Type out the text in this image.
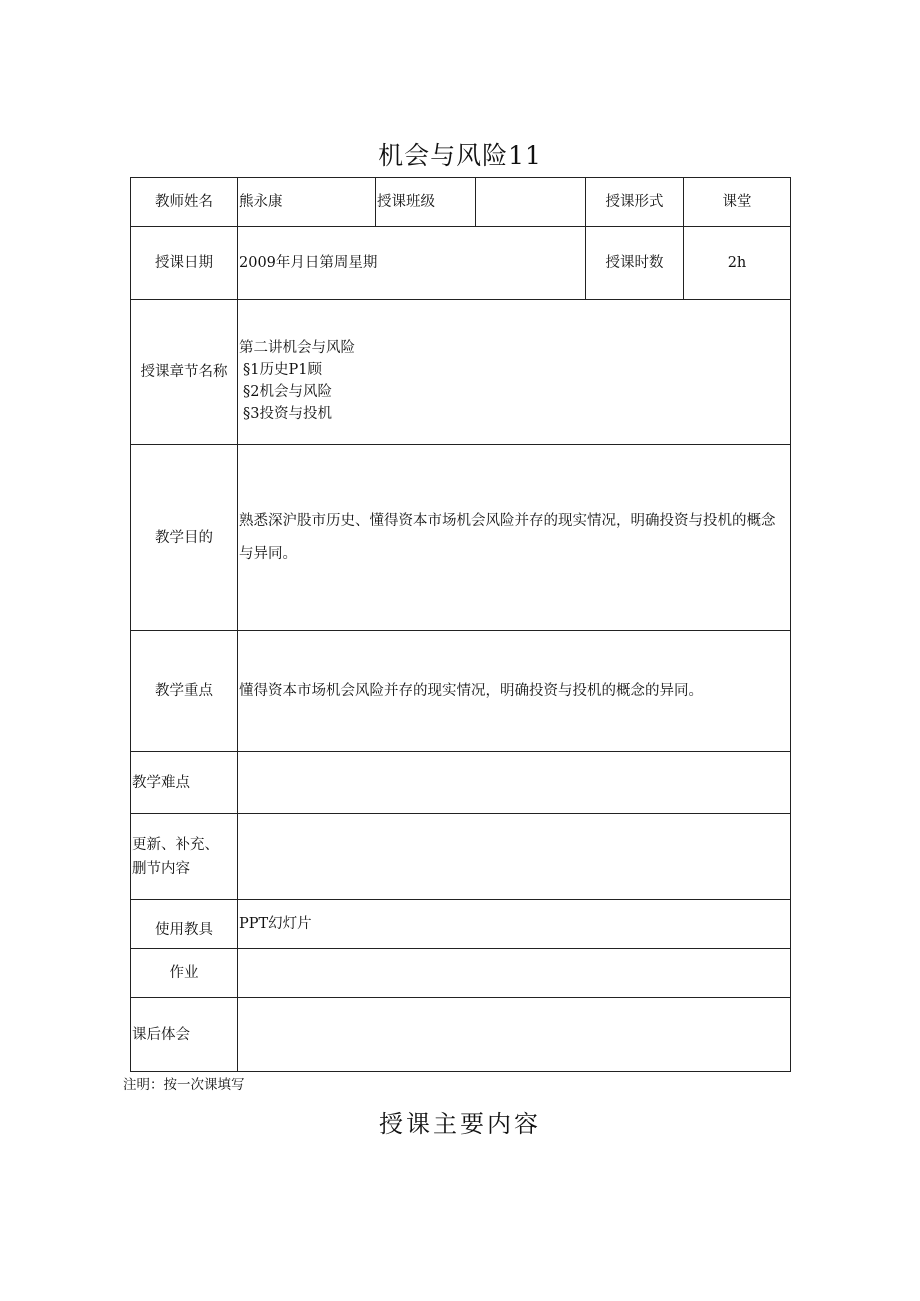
机会与风险11
教师姓名	熊永康	授课班级		授课形式	课堂
授课日期	2009年月日第周星期			授课时数	2h
授课章节名称	第二讲机会与风险
§1历史P1顾
§2机会与风险
§3投资与投机				

教学目的	熟悉深沪股市历史、懂得资本市场机会风险并存的现实情况，明确投资与投机的概念与异同。				
教学重点	懂得资本市场机会风险并存的现实情况，明确投资与投机的概念的异同。				
教学难点					

更新、补充、
删节内容					

使用教具	PPT幻灯片				
作业					
课后体会					
注明：按一次课填写
授课主要内容
